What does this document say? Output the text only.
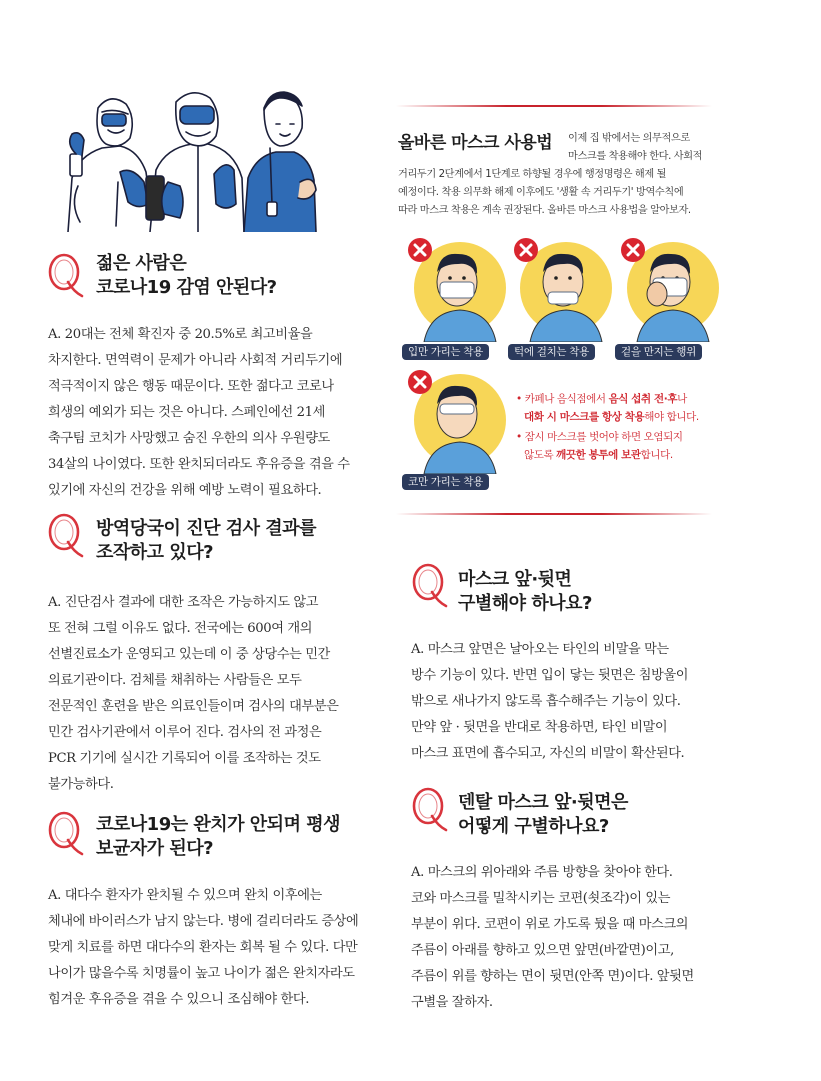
젊은 사람은
코로나19 감염 안된다?

A. 20대는 전체 확진자 중 20.5%로 최고비율을

차지한다. 면역력이 문제가 아니라 사회적 거리두기에

적극적이지 않은 행동 때문이다. 또한 젊다고 코로나

희생의 예외가 되는 것은 아니다. 스페인에선 21세

축구팀 코치가 사망했고 숨진 우한의 의사 우원량도

34살의 나이였다. 또한 완치되더라도 후유증을 겪을 수

있기에 자신의 건강을 위해 예방 노력이 필요하다.

방역당국이 진단 검사 결과를
조작하고 있다?

A. 진단검사 결과에 대한 조작은 가능하지도 않고

또 전혀 그럴 이유도 없다. 전국에는 600여 개의

선별진료소가 운영되고 있는데 이 중 상당수는 민간

의료기관이다. 검체를 채취하는 사람들은 모두

전문적인 훈련을 받은 의료인들이며 검사의 대부분은

민간 검사기관에서 이루어 진다. 검사의 전 과정은

PCR 기기에 실시간 기록되어 이를 조작하는 것도

불가능하다.

코로나19는 완치가 안되며 평생
보균자가 된다?

A. 대다수 환자가 완치될 수 있으며 완치 이후에는

체내에 바이러스가 남지 않는다. 병에 걸리더라도 증상에

맞게 치료를 하면 대다수의 환자는 회복 될 수 있다. 다만

나이가 많을수록 치명률이 높고 나이가 젊은 완치자라도

힘겨운 후유증을 겪을 수 있으니 조심해야 한다.

올바른 마스크 사용법 이제 집 밖에서는 의무적으로
마스크를 착용해야 한다. 사회적
거리두기 2단계에서 1단계로 하향될 경우에 행정명령은 해제 될
예정이다. 착용 의무화 해제 이후에도 '생활 속 거리두기' 방역수칙에
따라 마스크 착용은 계속 권장된다. 올바른 마스크 사용법을 알아보자.
입만 가리는 착용	턱에 걸치는 착용	겉을 만지는 행위
코만 가리는 착용
• 카페나 음식점에서 음식 섭취 전·후나
대화 시 마스크를 항상 착용해야 합니다.
• 잠시 마스크를 벗어야 하면 오염되지
않도록 깨끗한 봉투에 보관합니다.
마스크 앞·뒷면
구별해야 하나요?

A. 마스크 앞면은 날아오는 타인의 비말을 막는

방수 기능이 있다. 반면 입이 닿는 뒷면은 침방울이

밖으로 새나가지 않도록 흡수해주는 기능이 있다.

만약 앞 · 뒷면을 반대로 착용하면, 타인 비말이

마스크 표면에 흡수되고, 자신의 비말이 확산된다.

덴탈 마스크 앞·뒷면은
어떻게 구별하나요?

A. 마스크의 위아래와 주름 방향을 찾아야 한다.

코와 마스크를 밀착시키는 코편(쇳조각)이 있는

부분이 위다. 코편이 위로 가도록 뒀을 때 마스크의

주름이 아래를 향하고 있으면 앞면(바깥면)이고,

주름이 위를 향하는 면이 뒷면(안쪽 면)이다. 앞뒷면

구별을 잘하자.
